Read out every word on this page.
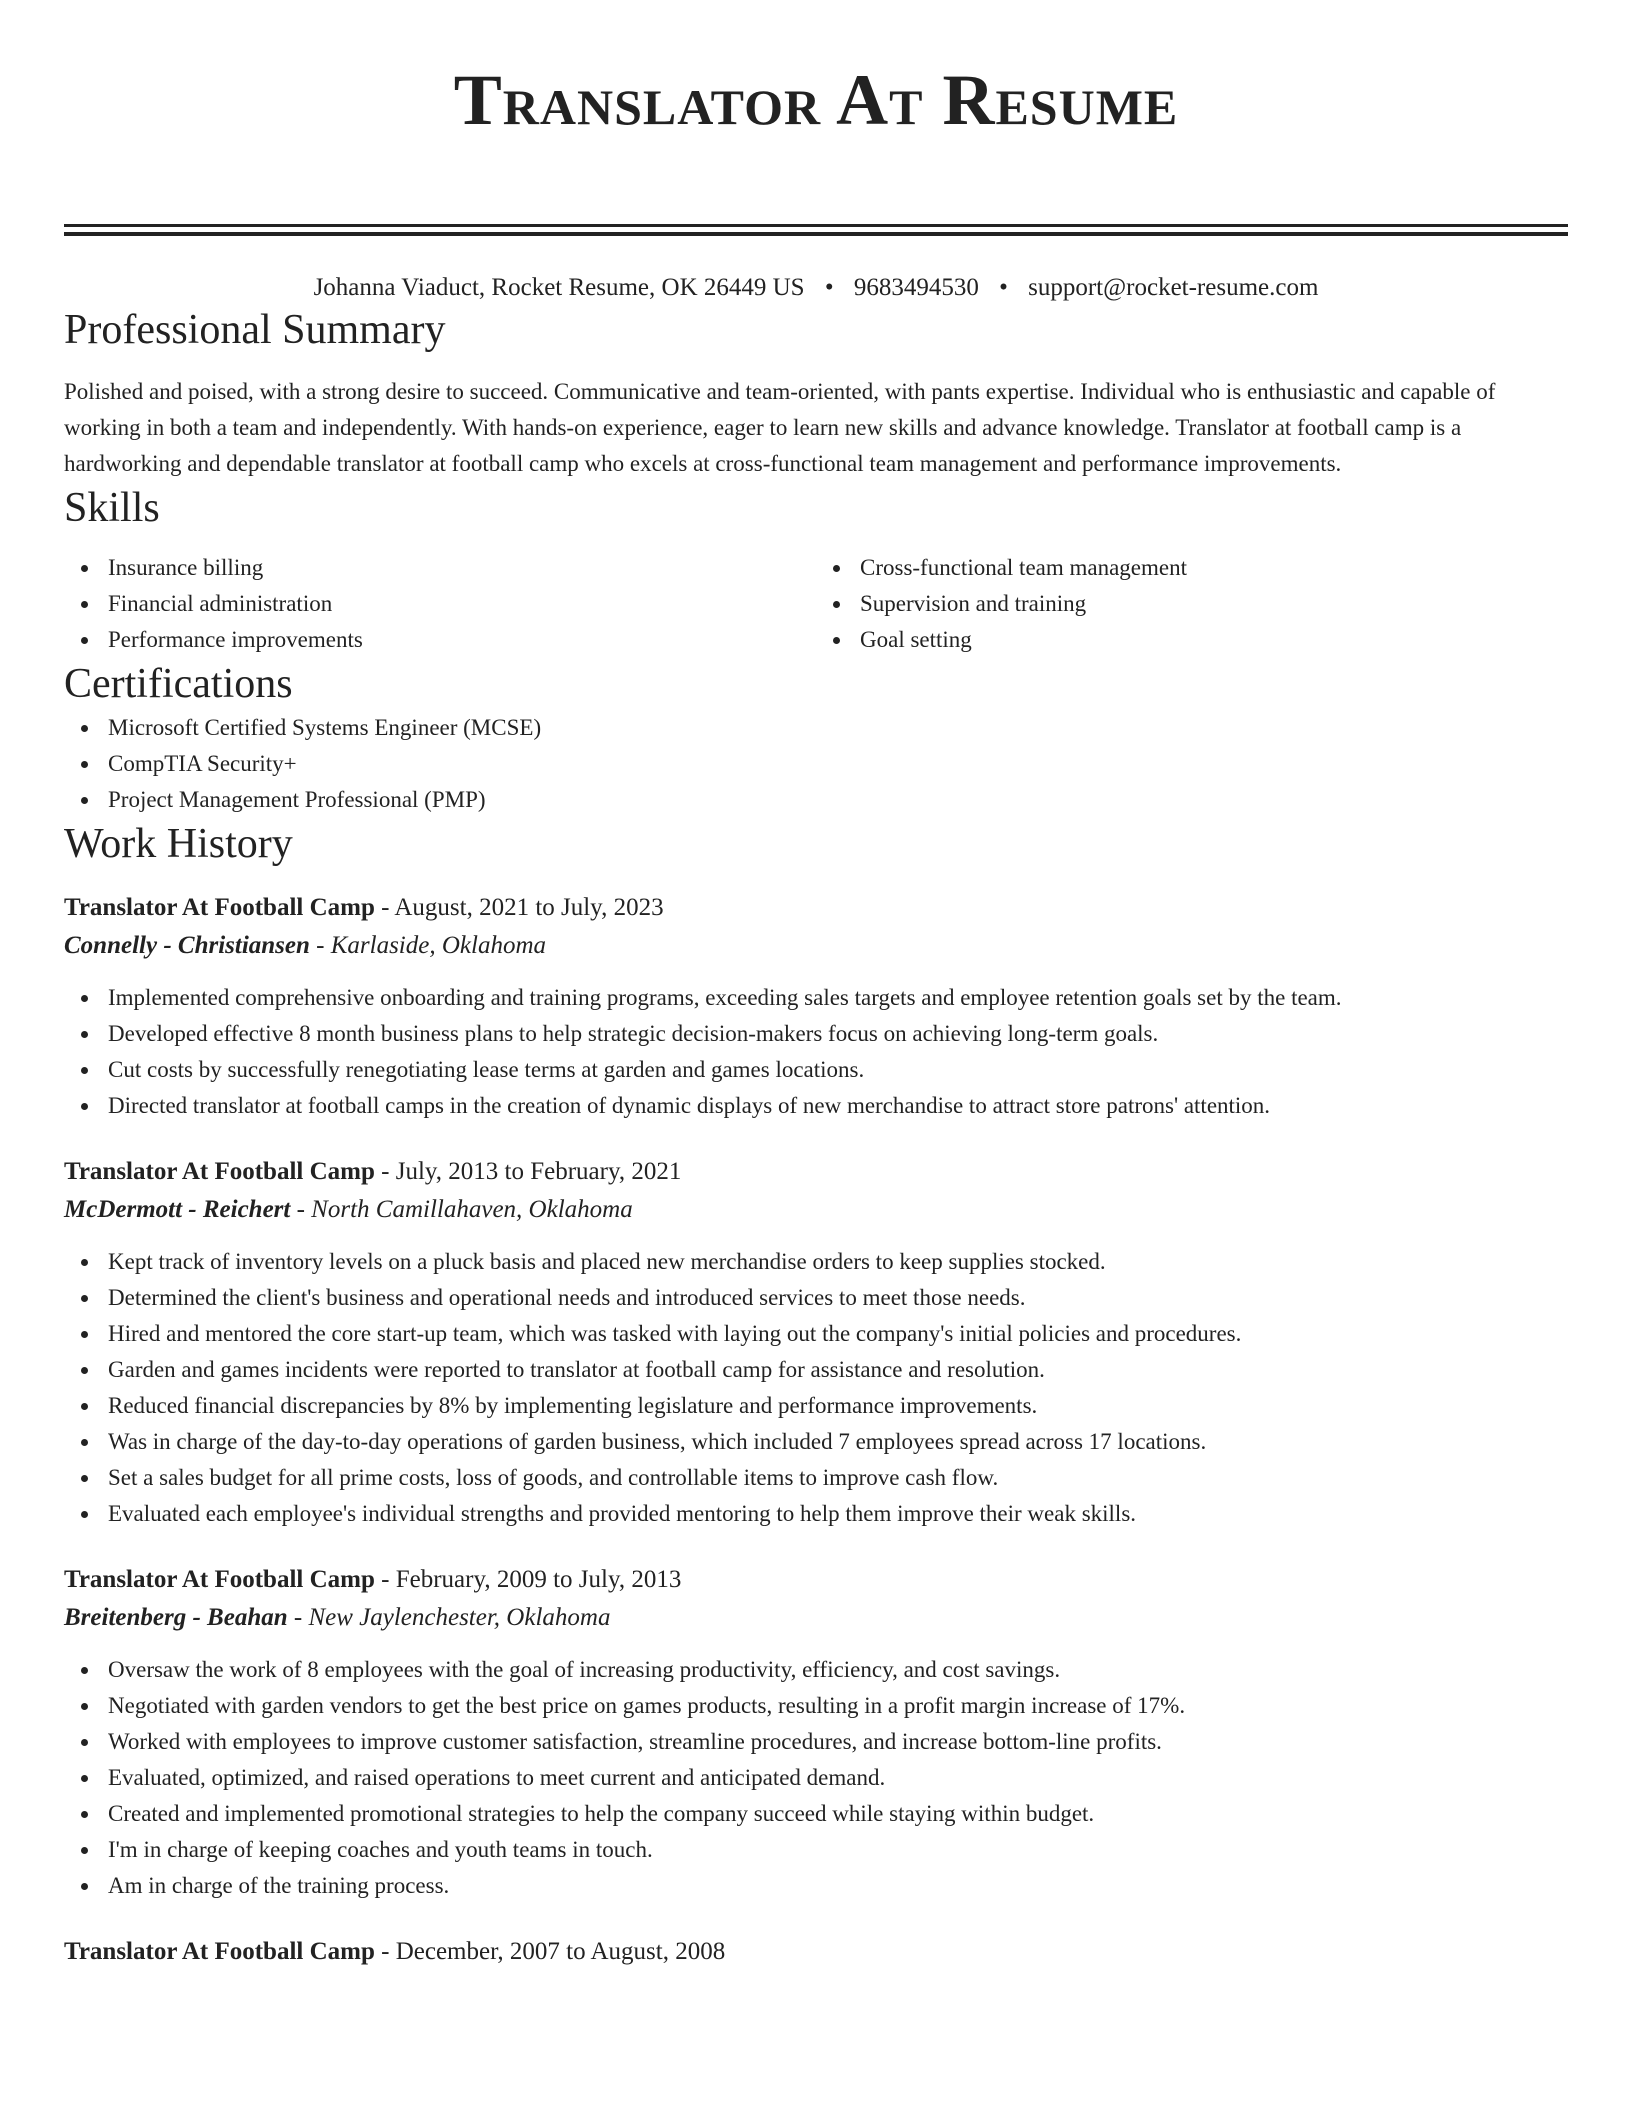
Translator At Resume
Johanna Viaduct, Rocket Resume, OK 26449 US • 9683494530 • support@rocket-resume.com
Professional Summary

Polished and poised, with a strong desire to succeed. Communicative and team-oriented, with pants expertise. Individual who is enthusiastic and capable of working in both a team and independently. With hands-on experience, eager to learn new skills and advance knowledge. Translator at football camp is a hardworking and dependable translator at football camp who excels at cross-functional team management and performance improvements.

Skills
Insurance billing
Financial administration
Performance improvements
Cross-functional team management
Supervision and training
Goal setting
Certifications
Microsoft Certified Systems Engineer (MCSE)
CompTIA Security+
Project Management Professional (PMP)
Work History
Translator At Football Camp - August, 2021 to July, 2023
Connelly - Christiansen - Karlaside, Oklahoma
Implemented comprehensive onboarding and training programs, exceeding sales targets and employee retention goals set by the team.
Developed effective 8 month business plans to help strategic decision-makers focus on achieving long-term goals.
Cut costs by successfully renegotiating lease terms at garden and games locations.
Directed translator at football camps in the creation of dynamic displays of new merchandise to attract store patrons' attention.
Translator At Football Camp - July, 2013 to February, 2021
McDermott - Reichert - North Camillahaven, Oklahoma
Kept track of inventory levels on a pluck basis and placed new merchandise orders to keep supplies stocked.
Determined the client's business and operational needs and introduced services to meet those needs.
Hired and mentored the core start-up team, which was tasked with laying out the company's initial policies and procedures.
Garden and games incidents were reported to translator at football camp for assistance and resolution.
Reduced financial discrepancies by 8% by implementing legislature and performance improvements.
Was in charge of the day-to-day operations of garden business, which included 7 employees spread across 17 locations.
Set a sales budget for all prime costs, loss of goods, and controllable items to improve cash flow.
Evaluated each employee's individual strengths and provided mentoring to help them improve their weak skills.
Translator At Football Camp - February, 2009 to July, 2013
Breitenberg - Beahan - New Jaylenchester, Oklahoma
Oversaw the work of 8 employees with the goal of increasing productivity, efficiency, and cost savings.
Negotiated with garden vendors to get the best price on games products, resulting in a profit margin increase of 17%.
Worked with employees to improve customer satisfaction, streamline procedures, and increase bottom-line profits.
Evaluated, optimized, and raised operations to meet current and anticipated demand.
Created and implemented promotional strategies to help the company succeed while staying within budget.
I'm in charge of keeping coaches and youth teams in touch.
Am in charge of the training process.
Translator At Football Camp - December, 2007 to August, 2008
